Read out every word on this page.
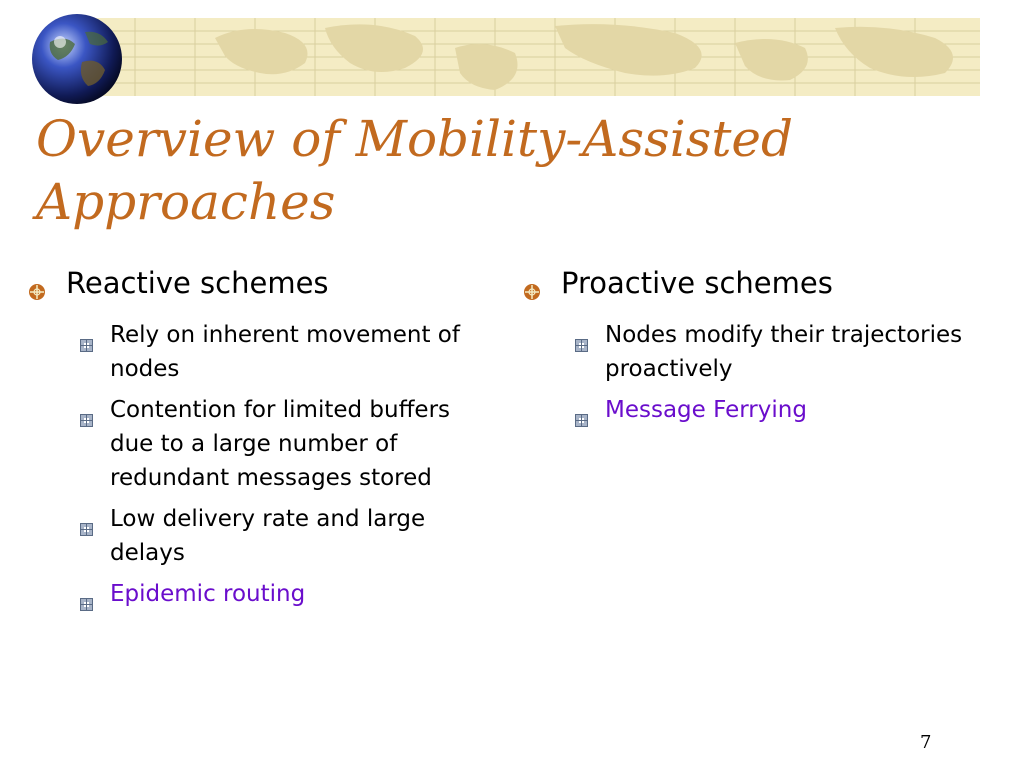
Overview of Mobility-Assisted Approaches
Reactive schemes
Rely on inherent movement of nodes
Contention for limited buffers due to a large number of redundant messages stored
Low delivery rate and large delays
Epidemic routing
Proactive schemes
Nodes modify their trajectories proactively
Message Ferrying
7
